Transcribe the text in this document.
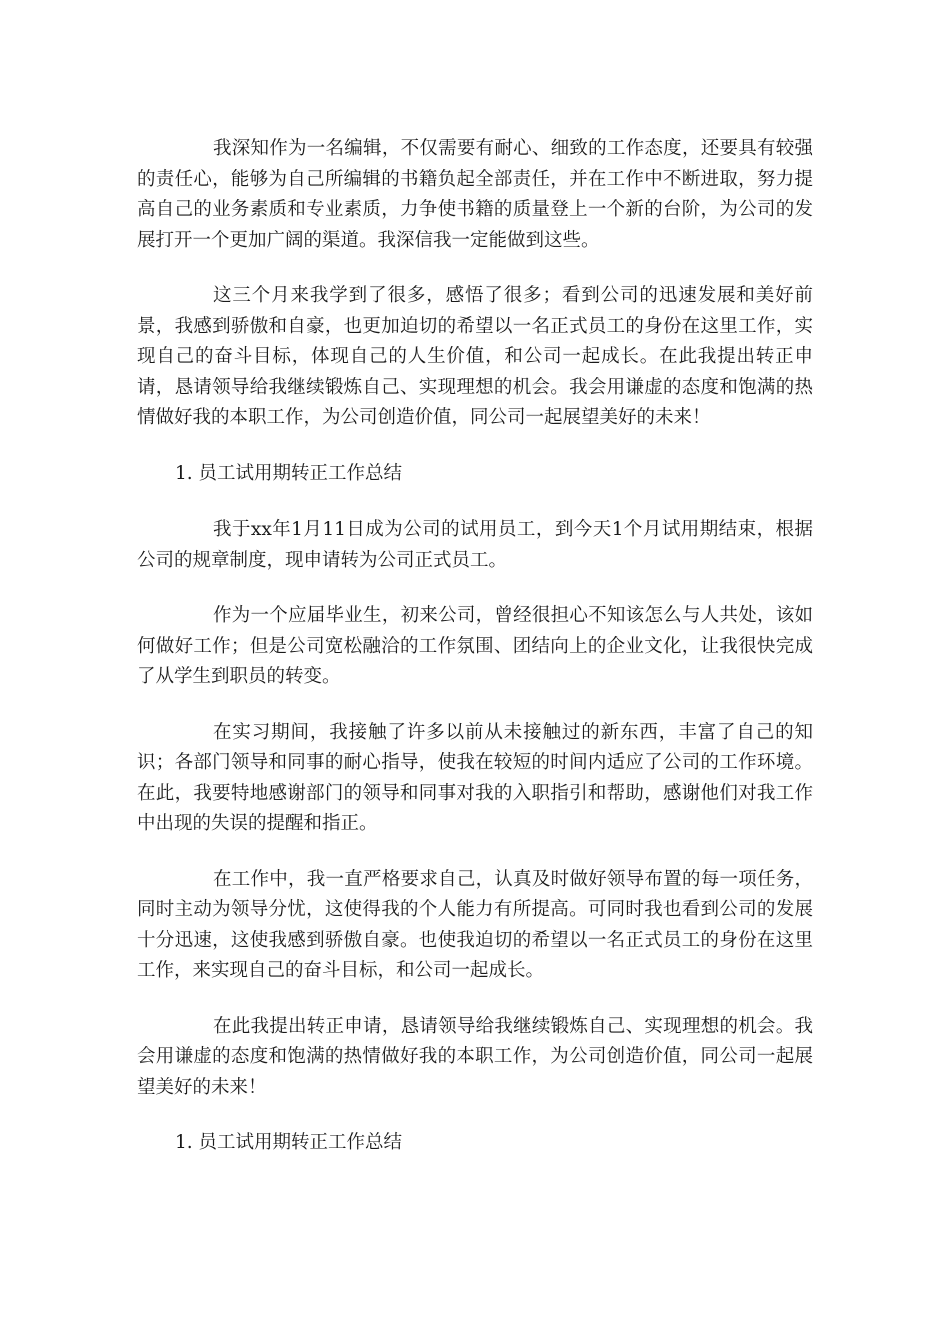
我深知作为一名编辑，不仅需要有耐心、细致的工作态度，还要具有较强的责任心，能够为自己所编辑的书籍负起全部责任，并在工作中不断进取，努力提高自己的业务素质和专业素质，力争使书籍的质量登上一个新的台阶，为公司的发展打开一个更加广阔的渠道。我深信我一定能做到这些。

这三个月来我学到了很多，感悟了很多；看到公司的迅速发展和美好前景，我感到骄傲和自豪，也更加迫切的希望以一名正式员工的身份在这里工作，实现自己的奋斗目标，体现自己的人生价值，和公司一起成长。在此我提出转正申请，恳请领导给我继续锻炼自己、实现理想的机会。我会用谦虚的态度和饱满的热情做好我的本职工作，为公司创造价值，同公司一起展望美好的未来！

1. 员工试用期转正工作总结

我于xx年1月11日成为公司的试用员工，到今天1个月试用期结束，根据公司的规章制度，现申请转为公司正式员工。

作为一个应届毕业生，初来公司，曾经很担心不知该怎么与人共处，该如何做好工作；但是公司宽松融洽的工作氛围、团结向上的企业文化，让我很快完成了从学生到职员的转变。

在实习期间，我接触了许多以前从未接触过的新东西，丰富了自己的知识；各部门领导和同事的耐心指导，使我在较短的时间内适应了公司的工作环境。在此，我要特地感谢部门的领导和同事对我的入职指引和帮助，感谢他们对我工作中出现的失误的提醒和指正。

在工作中，我一直严格要求自己，认真及时做好领导布置的每一项任务，同时主动为领导分忧，这使得我的个人能力有所提高。可同时我也看到公司的发展十分迅速，这使我感到骄傲自豪。也使我迫切的希望以一名正式员工的身份在这里工作，来实现自己的奋斗目标，和公司一起成长。

在此我提出转正申请，恳请领导给我继续锻炼自己、实现理想的机会。我会用谦虚的态度和饱满的热情做好我的本职工作，为公司创造价值，同公司一起展望美好的未来！

1. 员工试用期转正工作总结
